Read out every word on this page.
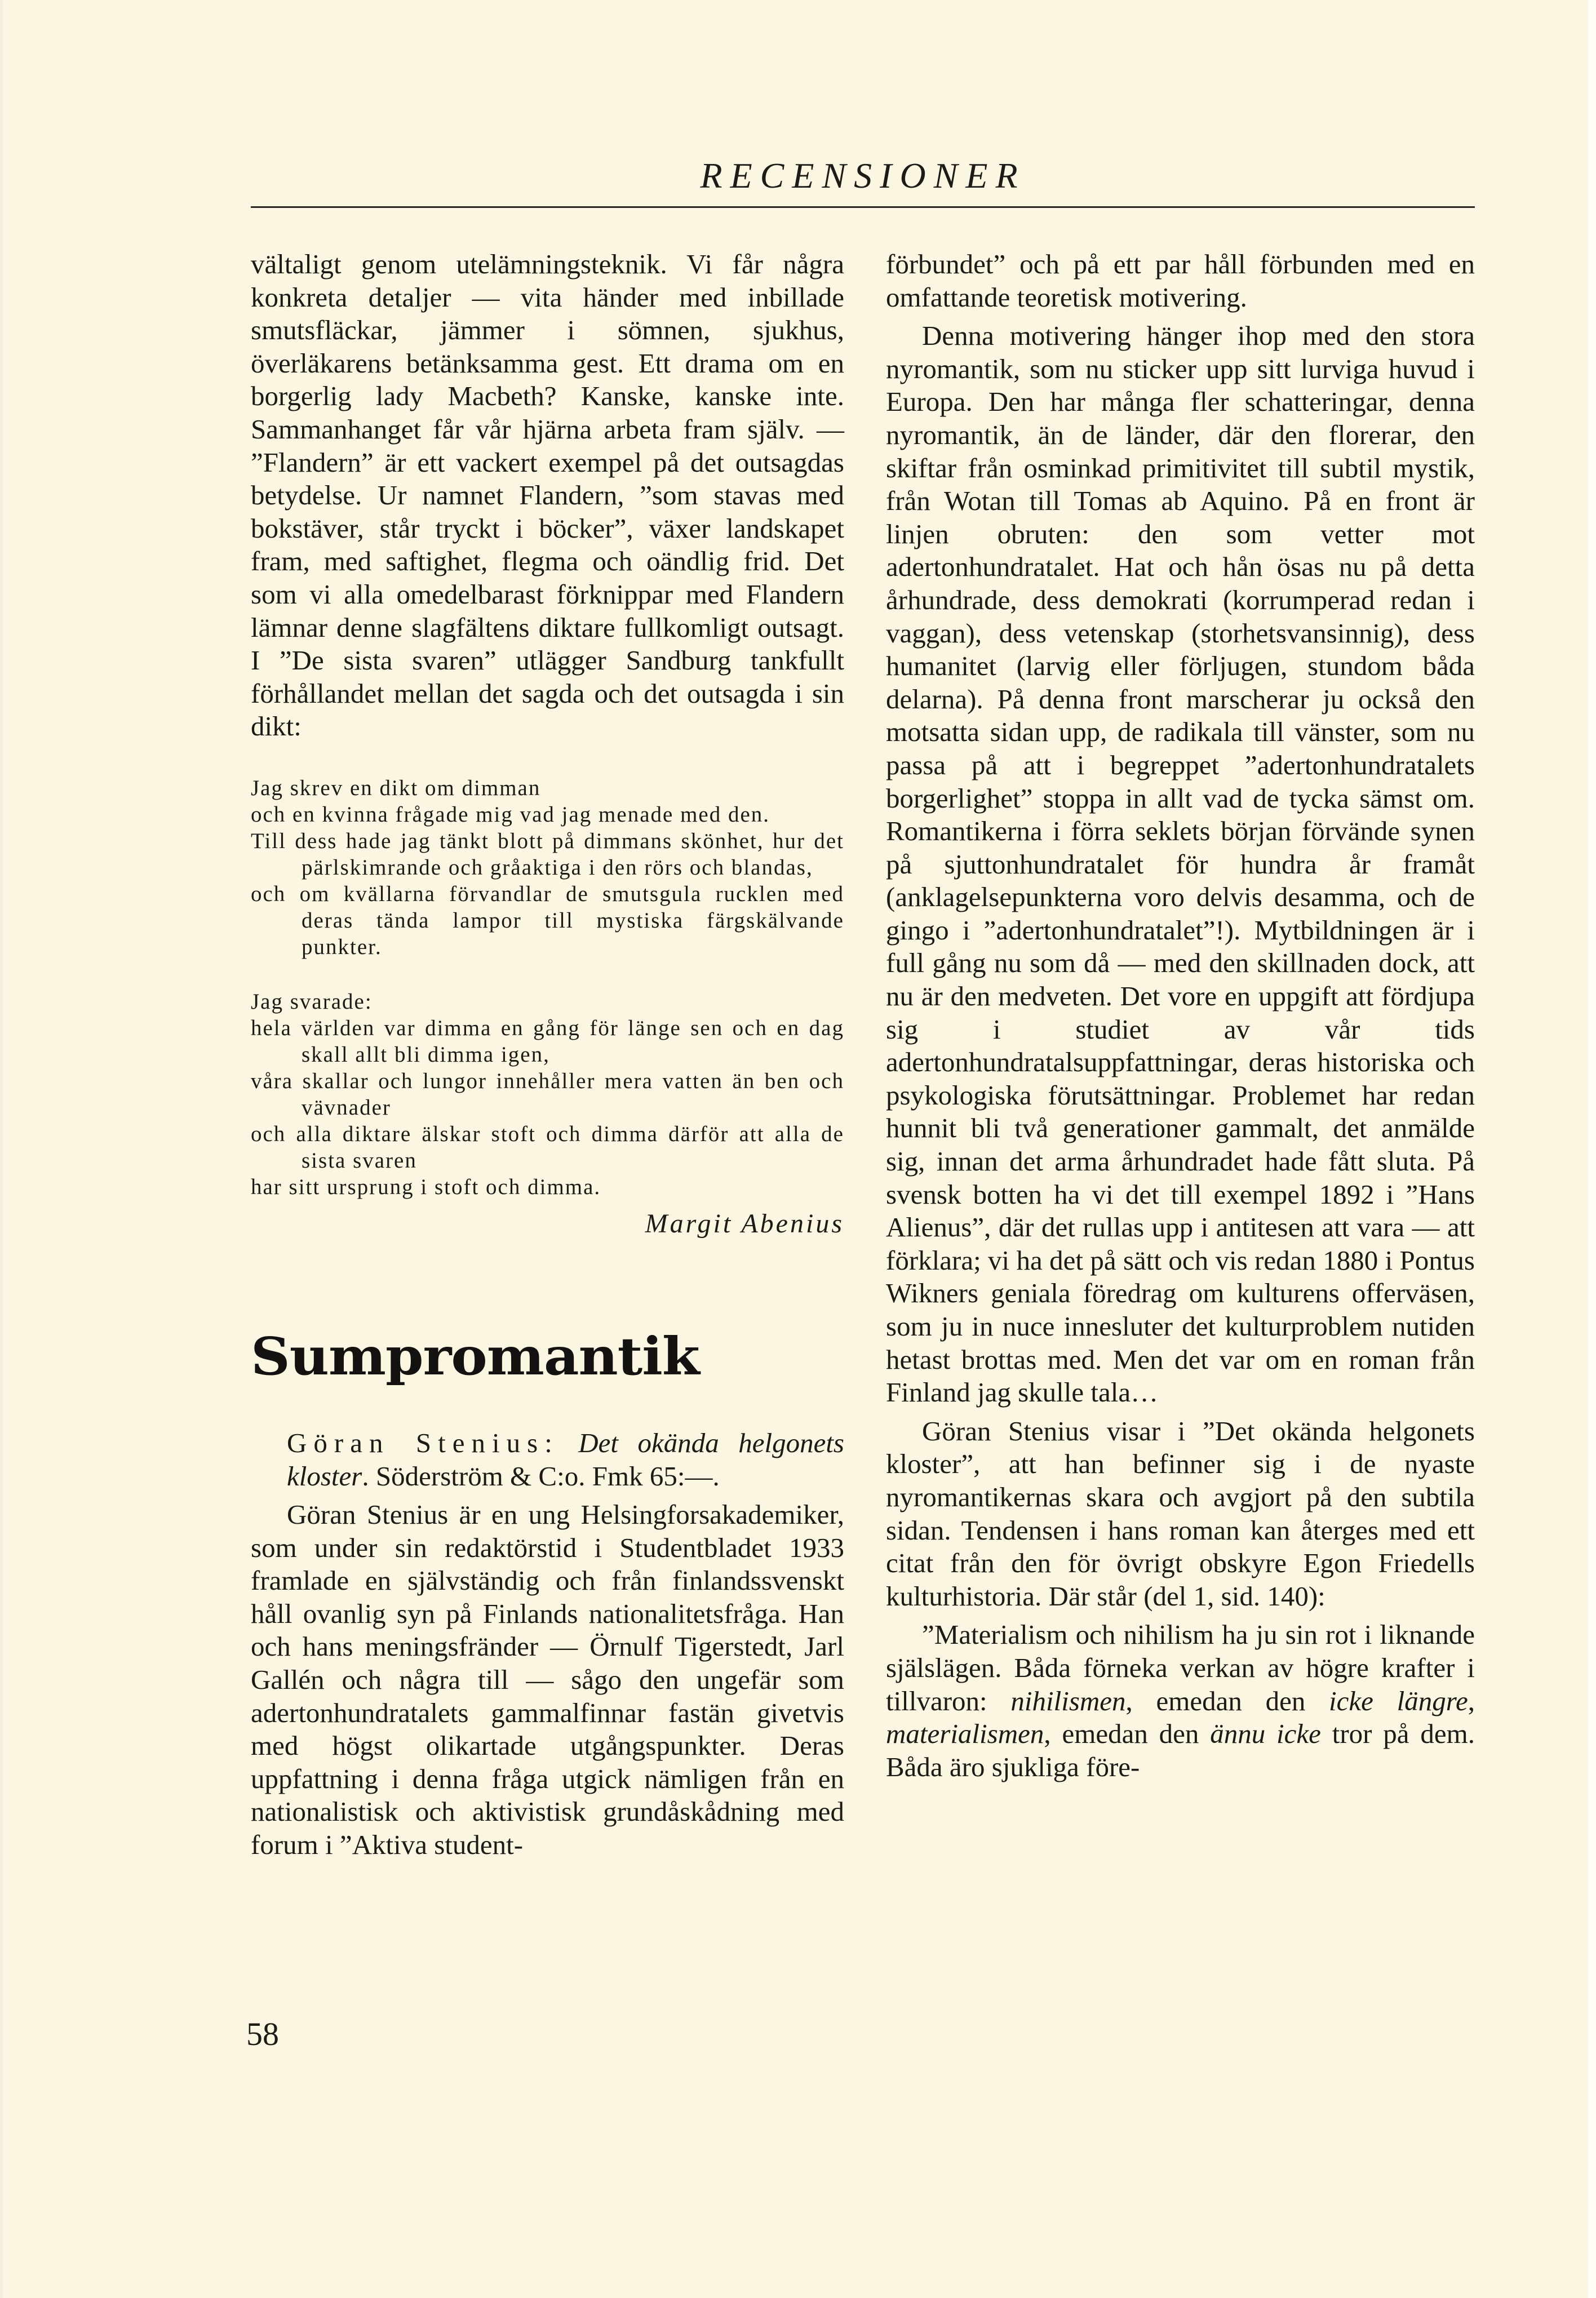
RECENSIONER

vältaligt genom utelämningsteknik. Vi får några konkreta detaljer — vita händer med inbillade smutsfläckar, jämmer i sömnen, sjukhus, överläkarens betänksamma gest. Ett drama om en borgerlig lady Macbeth? Kanske, kanske inte. Sammanhanget får vår hjärna arbeta fram själv. — ”Flandern” är ett vackert exempel på det outsagdas betydelse. Ur namnet Flandern, ”som stavas med bokstäver, står tryckt i böcker”, växer landskapet fram, med saftighet, flegma och oändlig frid. Det som vi alla omedelbarast förknippar med Flandern lämnar denne slagfältens diktare fullkomligt outsagt. I ”De sista svaren” utlägger Sandburg tankfullt förhållandet mellan det sagda och det outsagda i sin dikt:

Jag skrev en dikt om dimman
och en kvinna frågade mig vad jag menade med den.
Till dess hade jag tänkt blott på dimmans skönhet, hur det pärlskimrande och gråaktiga i den rörs och blandas,
och om kvällarna förvandlar de smutsgula rucklen med deras tända lampor till mystiska färgskälvande punkter.
Jag svarade:
hela världen var dimma en gång för länge sen och en dag skall allt bli dimma igen,
våra skallar och lungor innehåller mera vatten än ben och vävnader
och alla diktare älskar stoft och dimma därför att alla de sista svaren
har sitt ursprung i stoft och dimma.
Margit Abenius
Sumpromantik

Göran Stenius: Det okända helgonets kloster. Söderström & C:o. Fmk 65:—.

Göran Stenius är en ung Helsingforsakademiker, som under sin redaktörstid i Studentbladet 1933 framlade en självständig och från finlandssvenskt håll ovanlig syn på Finlands nationalitetsfråga. Han och hans meningsfränder — Örnulf Tigerstedt, Jarl Gallén och några till — sågo den ungefär som adertonhundratalets gammalfinnar fastän givetvis med högst olikartade utgångspunkter. Deras uppfattning i denna fråga utgick nämligen från en nationalistisk och aktivistisk grundåskådning med forum i ”Aktiva student-

förbundet” och på ett par håll förbunden med en omfattande teoretisk motivering.

Denna motivering hänger ihop med den stora nyromantik, som nu sticker upp sitt lurviga huvud i Europa. Den har många fler schatteringar, denna nyromantik, än de länder, där den florerar, den skiftar från osminkad primitivitet till subtil mystik, från Wotan till Tomas ab Aquino. På en front är linjen obruten: den som vetter mot adertonhundratalet. Hat och hån ösas nu på detta århundrade, dess demokrati (korrumperad redan i vaggan), dess vetenskap (storhetsvansinnig), dess humanitet (larvig eller förljugen, stundom båda delarna). På denna front marscherar ju också den motsatta sidan upp, de radikala till vänster, som nu passa på att i begreppet ”adertonhundratalets borgerlighet” stoppa in allt vad de tycka sämst om. Romantikerna i förra seklets början förvände synen på sjuttonhundratalet för hundra år framåt (anklagelsepunkterna voro delvis desamma, och de gingo i ”adertonhundratalet”!). Mytbildningen är i full gång nu som då — med den skillnaden dock, att nu är den medveten. Det vore en uppgift att fördjupa sig i studiet av vår tids adertonhundratalsuppfattningar, deras historiska och psykologiska förutsättningar. Problemet har redan hunnit bli två generationer gammalt, det anmälde sig, innan det arma århundradet hade fått sluta. På svensk botten ha vi det till exempel 1892 i ”Hans Alienus”, där det rullas upp i antitesen att vara — att förklara; vi ha det på sätt och vis redan 1880 i Pontus Wikners geniala föredrag om kulturens offerväsen, som ju in nuce innesluter det kulturproblem nutiden hetast brottas med. Men det var om en roman från Finland jag skulle tala…

Göran Stenius visar i ”Det okända helgonets kloster”, att han befinner sig i de nyaste nyromantikernas skara och avgjort på den subtila sidan. Tendensen i hans roman kan återges med ett citat från den för övrigt obskyre Egon Friedells kulturhistoria. Där står (del 1, sid. 140):

”Materialism och nihilism ha ju sin rot i liknande själslägen. Båda förneka verkan av högre krafter i tillvaron: nihilismen, emedan den icke längre, materialismen, emedan den ännu icke tror på dem. Båda äro sjukliga före-

58
